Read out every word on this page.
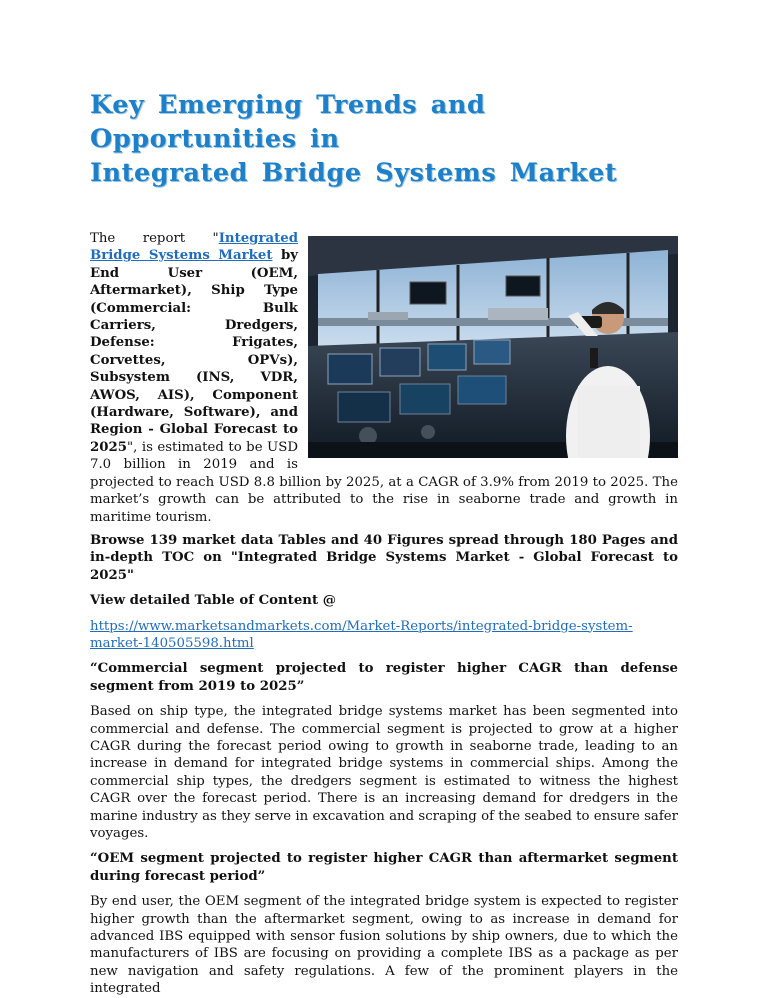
Key Emerging Trends and Opportunities in
Integrated Bridge Systems Market

The report "Integrated Bridge Systems Market by End User (OEM, Aftermarket), Ship Type (Commercial: Bulk Carriers, Dredgers, Defense: Frigates, Corvettes, OPVs), Subsystem (INS, VDR, AWOS, AIS), Component (Hardware, Software), and Region - Global Forecast to 2025", is estimated to be USD 7.0 billion in 2019 and is projected to reach USD 8.8 billion by 2025, at a CAGR of 3.9% from 2019 to 2025. The market’s growth can be attributed to the rise in seaborne trade and growth in maritime tourism.

Browse 139 market data Tables and 40 Figures spread through 180 Pages and in-depth TOC on "Integrated Bridge Systems Market - Global Forecast to 2025"

View detailed Table of Content @

https://www.marketsandmarkets.com/Market-Reports/integrated-bridge-system-market-140505598.html

“Commercial segment projected to register higher CAGR than defense segment from 2019 to 2025”

Based on ship type, the integrated bridge systems market has been segmented into commercial and defense. The commercial segment is projected to grow at a higher CAGR during the forecast period owing to growth in seaborne trade, leading to an increase in demand for integrated bridge systems in commercial ships. Among the commercial ship types, the dredgers segment is estimated to witness the highest CAGR over the forecast period. There is an increasing demand for dredgers in the marine industry as they serve in excavation and scraping of the seabed to ensure safer voyages.

“OEM segment projected to register higher CAGR than aftermarket segment during forecast period”

By end user, the OEM segment of the integrated bridge system is expected to register higher growth than the aftermarket segment, owing to as increase in demand for advanced IBS equipped with sensor fusion solutions by ship owners, due to which the manufacturers of IBS are focusing on providing a complete IBS as a package as per new navigation and safety regulations. A few of the prominent players in the integrated
